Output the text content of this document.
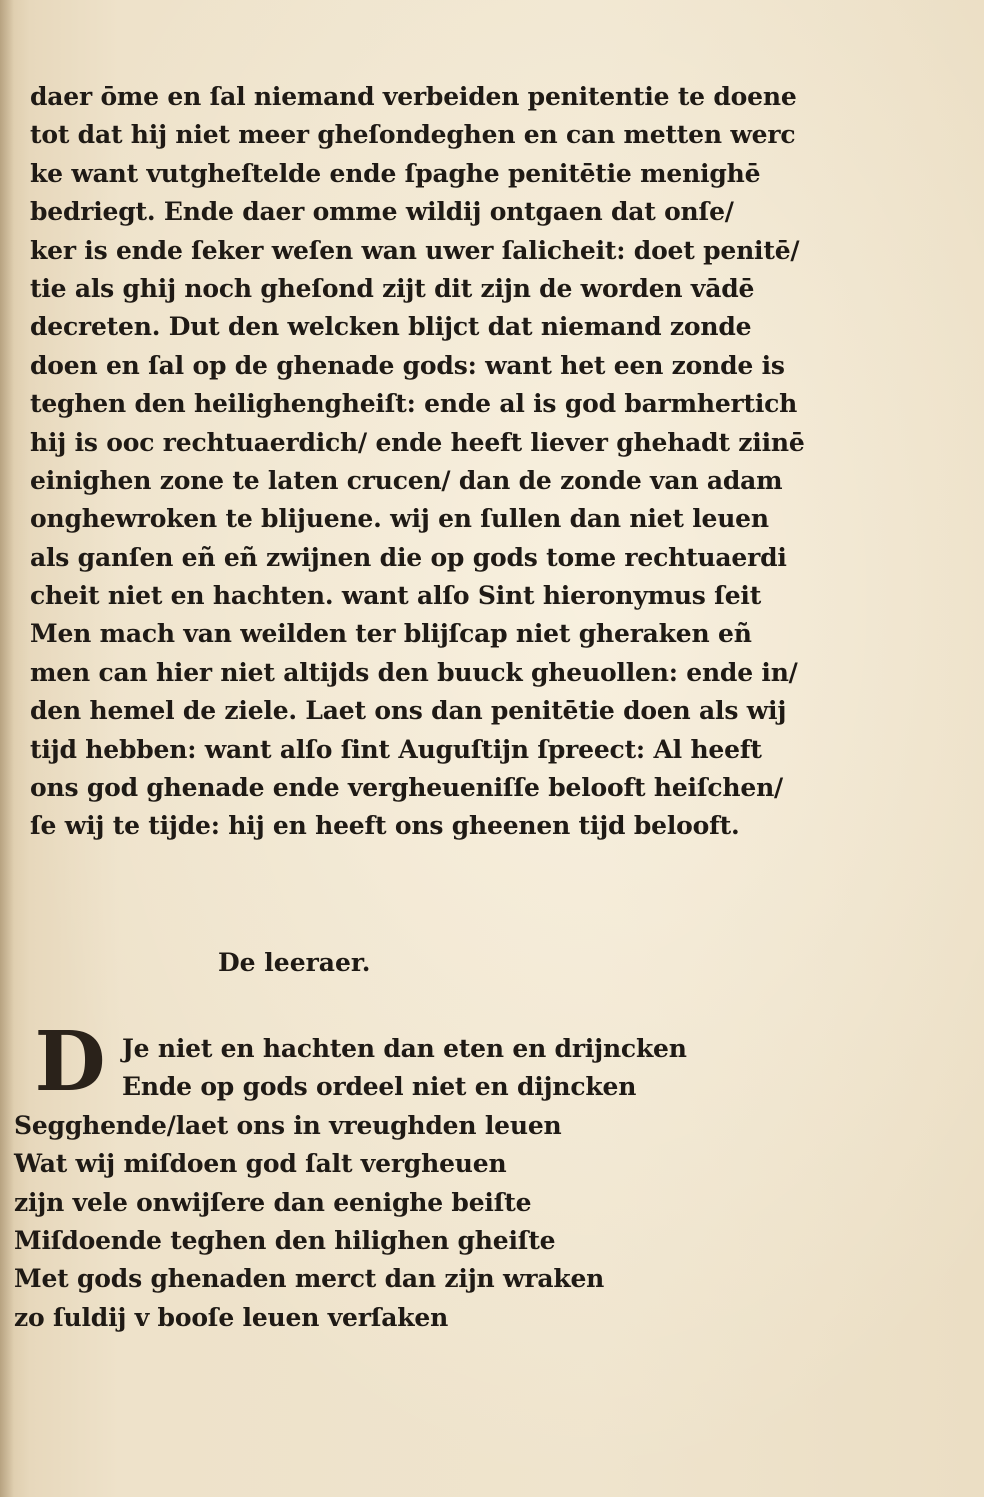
daer ōme en ſal niemand verbeiden penitentie te doene
tot dat hij niet meer gheſondeghen en can metten werc
ke want vutgheſtelde ende ſpaghe penitētie menighē
bedriegt. Ende daer omme wildij ontgaen dat onſe/
ker is ende ſeker weſen wan uwer ſalicheit: doet penitē/
tie als ghij noch gheſond zijt dit zijn de worden vādē
decreten. Dut den welcken blijct dat niemand zonde
doen en ſal op de ghenade gods: want het een zonde is
teghen den heilighengheiſt: ende al is god barmhertich
hij is ooc rechtuaerdich/ ende heeft liever ghehadt ziinē
einighen zone te laten crucen/ dan de zonde van adam
onghewroken te blijuene. wij en ſullen dan niet leuen
als ganſen eñ eñ zwijnen die op gods tome rechtuaerdi
cheit niet en hachten. want alſo Sint hieronymus ſeit
Men mach van weilden ter blijſcap niet gheraken eñ
men can hier niet altijds den buuck gheuollen: ende in/
den hemel de ziele. Laet ons dan penitētie doen als wij
tijd hebben: want alſo ſint Auguſtijn ſpreect: Al heeft
ons god ghenade ende vergheueniſſe belooft heiſchen/
ſe wij te tijde: hij en heeft ons gheenen tijd belooft.
De leeraer.
D Je niet en hachten dan eten en drijncken
Ende op gods ordeel niet en dijncken
Segghende/laet ons in vreughden leuen
Wat wij miſdoen god ſalt vergheuen
zijn vele onwijſere dan eenighe beiſte
Miſdoende teghen den hilighen gheiſte
Met gods ghenaden merct dan zijn wraken
zo ſuldij v booſe leuen verſaken
